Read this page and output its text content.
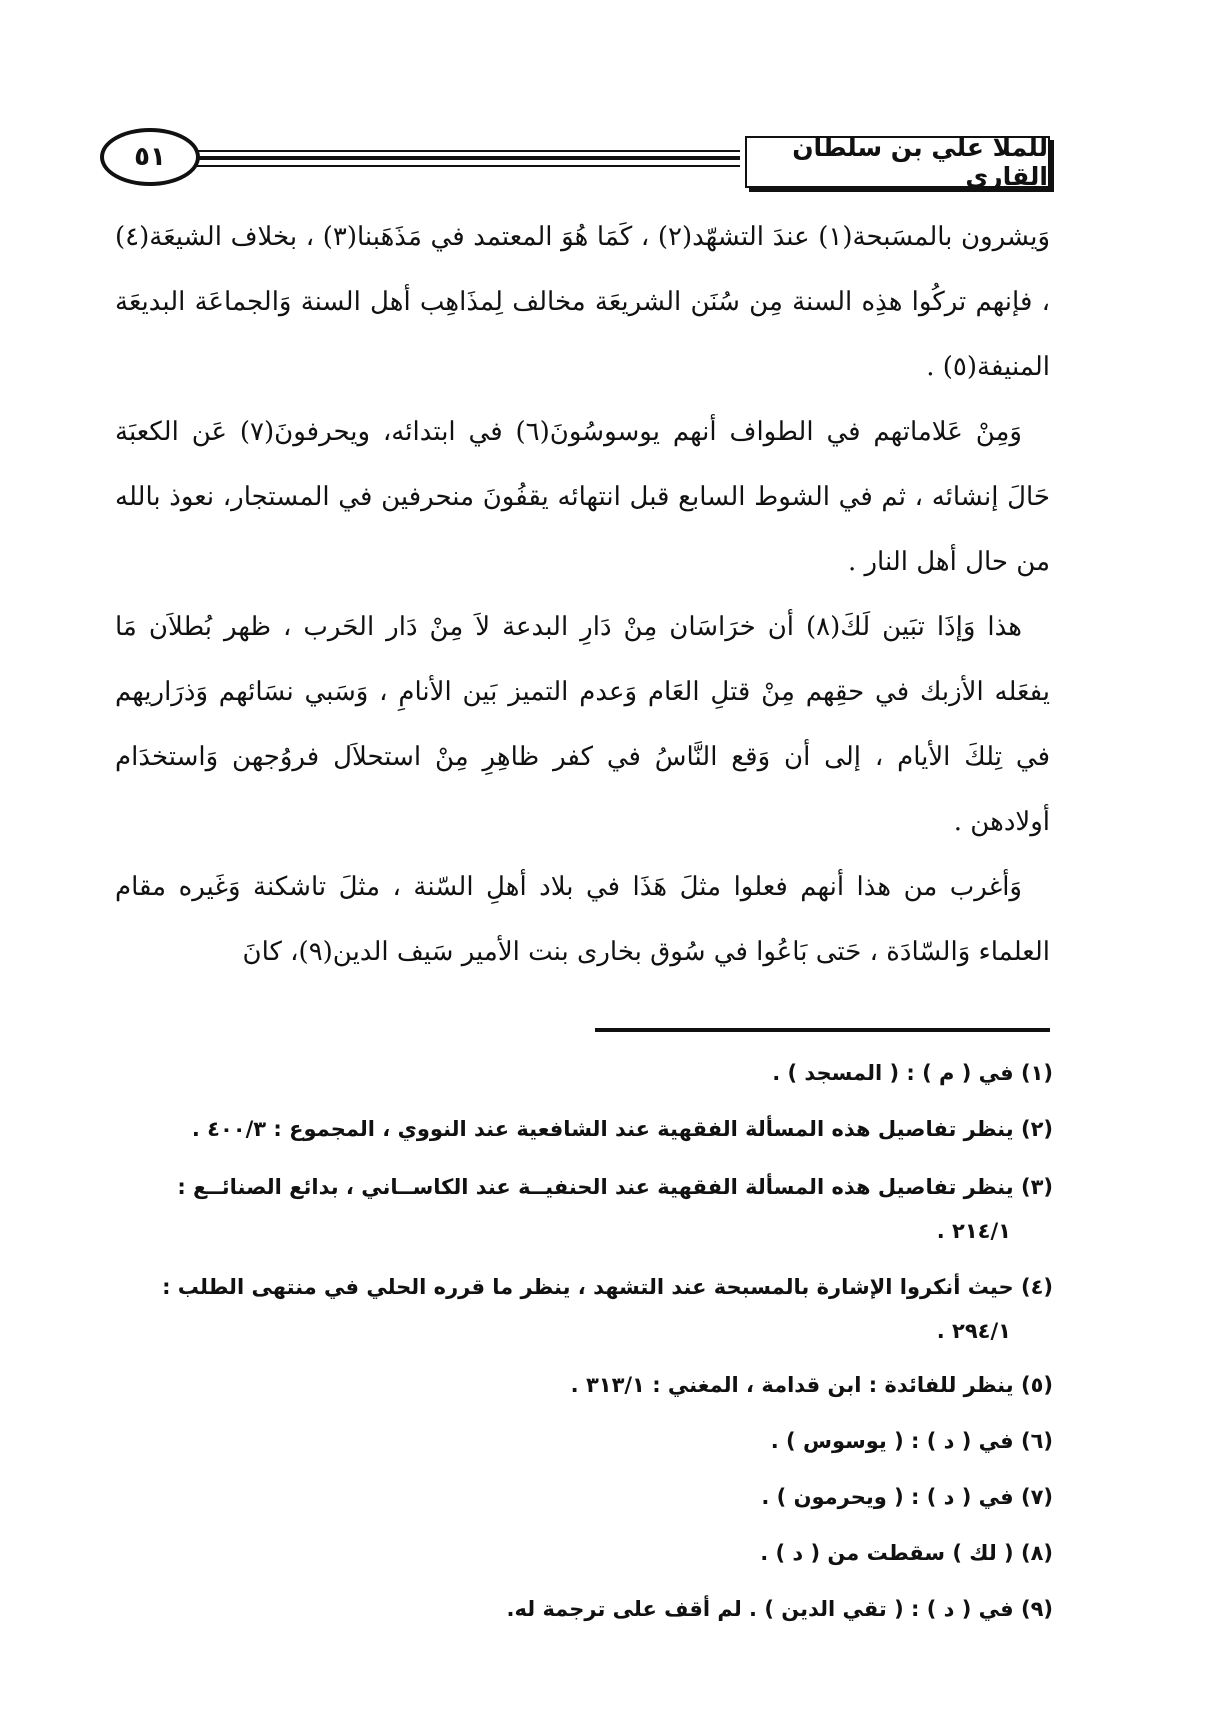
٥١	للملا علي بن سلطان القاري

وَيشرون بالمسَبحة(١) عندَ التشهّد(٢) ، كَمَا هُوَ المعتمد في مَذَهَبنا(٣) ، بخلاف الشيعَة(٤) ، فإنهم تركُوا هذِه السنة مِن سُنَن الشريعَة مخالف لِمذَاهِب أهل السنة وَالجماعَة البديعَة المنيفة(٥) .

وَمِنْ عَلاماتهم في الطواف أنهم يوسوسُونَ(٦) في ابتدائه، ويحرفونَ(٧) عَن الكعبَة حَالَ إنشائه ، ثم في الشوط السابع قبل انتهائه يقفُونَ منحرفين في المستجار، نعوذ بالله من حال أهل النار .

هذا وَإذَا تبَين لَكَ(٨) أن خرَاسَان مِنْ دَارِ البدعة لاَ مِنْ دَار الحَرب ، ظهر بُطلاَن مَا يفعَله الأزبك في حقِهم مِنْ قتلِ العَام وَعدم التميز بَين الأنامِ ، وَسَبي نسَائهم وَذرَاريهم في تِلكَ الأيام ، إلى أن وَقع النَّاسُ في كفر ظاهِرِ مِنْ استحلاَل فروُجهن وَاستخدَام أولادهن .

وَأغرب من هذا أنهم فعلوا مثلَ هَذَا في بلاد أهلِ السّنة ، مثلَ تاشكنة وَغَيره مقام العلماء وَالسّادَة ، حَتى بَاعُوا في سُوق بخارى بنت الأمير سَيف الدين(٩)، كانَ

(١) في ( م ) : ( المسجد ) .

(٢) ينظر تفاصيل هذه المسألة الفقهية عند الشافعية عند النووي ، المجموع : ٤٠٠/٣ .

(٣) ينظر تفاصيل هذه المسألة الفقهية عند الحنفيــة عند الكاســاني ، بدائع الصنائــع :
٢١٤/١ .

(٤) حيث أنكروا الإشارة بالمسبحة عند التشهد ، ينظر ما قرره الحلي في منتهى الطلب :
٢٩٤/١ .

(٥) ينظر للفائدة : ابن قدامة ، المغني : ٣١٣/١ .

(٦) في ( د ) : ( يوسوس ) .

(٧) في ( د ) : ( ويحرمون ) .

(٨) ( لك ) سقطت من ( د ) .

(٩) في ( د ) : ( تقي الدين ) . لم أقف على ترجمة له.
